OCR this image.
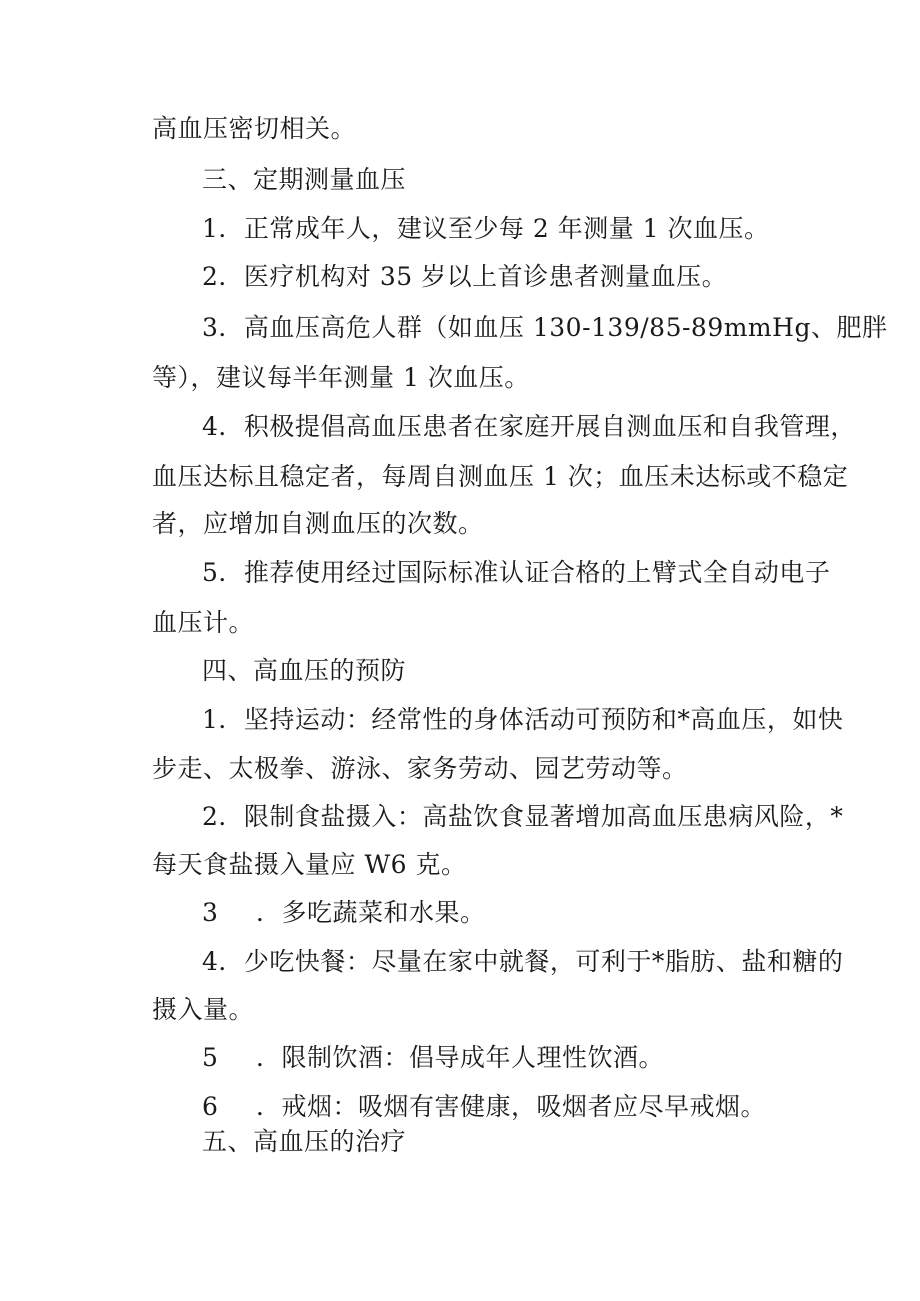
高血压密切相关。
三、定期测量血压
1．正常成年人，建议至少每 2 年测量 1 次血压。
2．医疗机构对 35 岁以上首诊患者测量血压。
3．高血压高危人群（如血压 130-139/85-89mmHg、肥胖
等），建议每半年测量 1 次血压。
4．积极提倡高血压患者在家庭开展自测血压和自我管理，
血压达标且稳定者，每周自测血压 1 次；血压未达标或不稳定
者，应增加自测血压的次数。
5．推荐使用经过国际标准认证合格的上臂式全自动电子
血压计。
四、高血压的预防
1．坚持运动：经常性的身体活动可预防和*高血压，如快
步走、太极拳、游泳、家务劳动、园艺劳动等。
2．限制食盐摄入：高盐饮食显著增加高血压患病风险，*
每天食盐摄入量应 W6 克。
3 ．多吃蔬菜和水果。
4．少吃快餐：尽量在家中就餐，可利于*脂肪、盐和糖的
摄入量。
5 ．限制饮酒：倡导成年人理性饮酒。
6 ．戒烟：吸烟有害健康，吸烟者应尽早戒烟。
五、高血压的治疗
